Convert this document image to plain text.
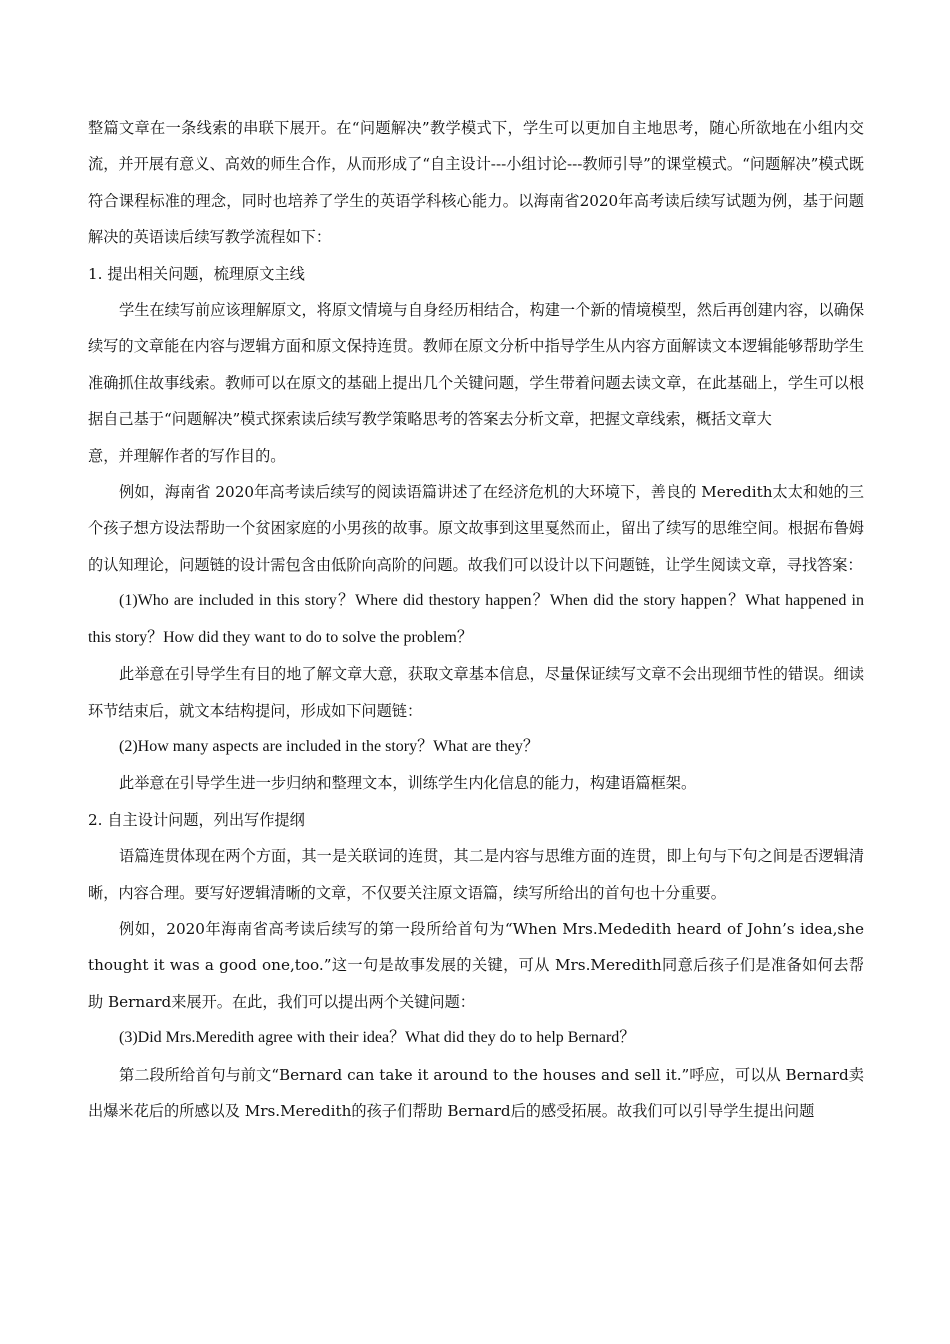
整篇文章在一条线索的串联下展开。在“问题解决”教学模式下，学生可以更加自主地思考，随心所欲地在小组内交流，并开展有意义、高效的师生合作，从而形成了“自主设计---小组讨论---教师引导”的课堂模式。“问题解决”模式既符合课程标准的理念，同时也培养了学生的英语学科核心能力。以海南省2020年高考读后续写试题为例，基于问题解决的英语读后续写教学流程如下：

1. 提出相关问题，梳理原文主线

学生在续写前应该理解原文，将原文情境与自身经历相结合，构建一个新的情境模型，然后再创建内容，以确保续写的文章能在内容与逻辑方面和原文保持连贯。教师在原文分析中指导学生从内容方面解读文本逻辑能够帮助学生准确抓住故事线索。教师可以在原文的基础上提出几个关键问题，学生带着问题去读文章，在此基础上，学生可以根据自己基于“问题解决”模式探索读后续写教学策略思考的答案去分析文章，把握文章线索，概括文章大

意，并理解作者的写作目的。

例如，海南省 2020年高考读后续写的阅读语篇讲述了在经济危机的大环境下，善良的 Meredith太太和她的三个孩子想方设法帮助一个贫困家庭的小男孩的故事。原文故事到这里戛然而止，留出了续写的思维空间。根据布鲁姆的认知理论，问题链的设计需包含由低阶向高阶的问题。故我们可以设计以下问题链，让学生阅读文章，寻找答案：

(1)Who are included in this story？Where did thestory happen？When did the story happen？What happened in this story？How did they want to do to solve the problem？

此举意在引导学生有目的地了解文章大意，获取文章基本信息，尽量保证续写文章不会出现细节性的错误。细读环节结束后，就文本结构提问，形成如下问题链：

(2)How many aspects are included in the story？What are they？

此举意在引导学生进一步归纳和整理文本，训练学生内化信息的能力，构建语篇框架。

2. 自主设计问题，列出写作提纲

语篇连贯体现在两个方面，其一是关联词的连贯，其二是内容与思维方面的连贯，即上句与下句之间是否逻辑清晰，内容合理。要写好逻辑清晰的文章，不仅要关注原文语篇，续写所给出的首句也十分重要。

例如，2020年海南省高考读后续写的第一段所给首句为“When Mrs.Mededith heard of John’s idea,she thought it was a good one,too.”这一句是故事发展的关键，可从 Mrs.Meredith同意后孩子们是准备如何去帮助 Bernard来展开。在此，我们可以提出两个关键问题：

(3)Did Mrs.Meredith agree with their idea？What did they do to help Bernard？

第二段所给首句与前文“Bernard can take it around to the houses and sell it.”呼应，可以从 Bernard卖出爆米花后的所感以及 Mrs.Meredith的孩子们帮助 Bernard后的感受拓展。故我们可以引导学生提出问题
